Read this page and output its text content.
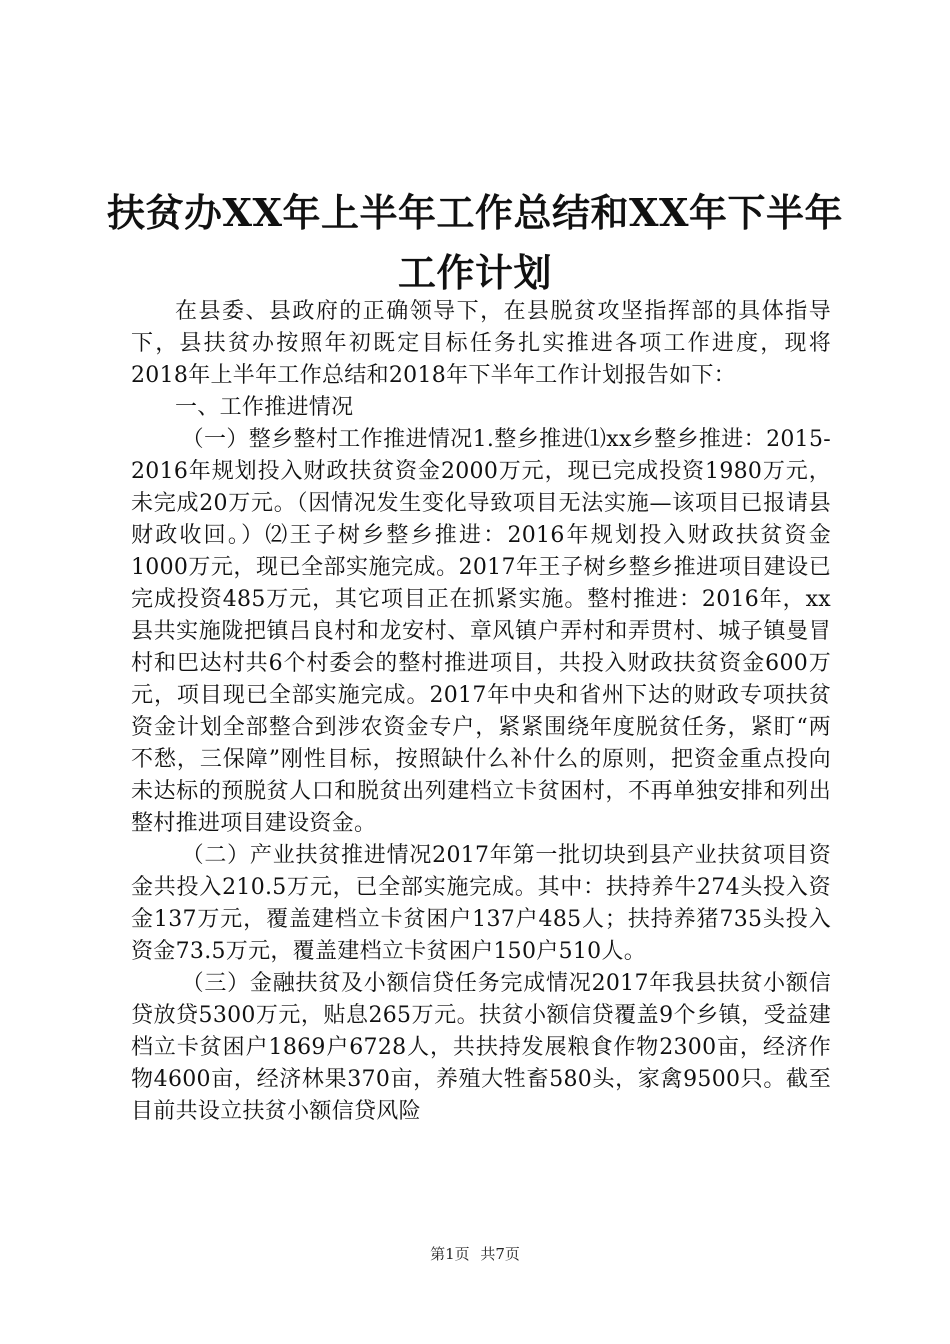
扶贫办XX年上半年工作总结和XX年下半年工作计划

在县委、县政府的正确领导下，在县脱贫攻坚指挥部的具体指导下，县扶贫办按照年初既定目标任务扎实推进各项工作进度，现将2018年上半年工作总结和2018年下半年工作计划报告如下：

一、工作推进情况

（一）整乡整村工作推进情况1.整乡推进⑴xx乡整乡推进：2015-2016年规划投入财政扶贫资金2000万元，现已完成投资1980万元，未完成20万元。（因情况发生变化导致项目无法实施—该项目已报请县财政收回。）⑵王子树乡整乡推进：2016年规划投入财政扶贫资金1000万元，现已全部实施完成。2017年王子树乡整乡推进项目建设已完成投资485万元，其它项目正在抓紧实施。整村推进：2016年，xx县共实施陇把镇吕良村和龙安村、章风镇户弄村和弄贯村、城子镇曼冒村和巴达村共6个村委会的整村推进项目，共投入财政扶贫资金600万元，项目现已全部实施完成。2017年中央和省州下达的财政专项扶贫资金计划全部整合到涉农资金专户，紧紧围绕年度脱贫任务，紧盯“两不愁，三保障”刚性目标，按照缺什么补什么的原则，把资金重点投向未达标的预脱贫人口和脱贫出列建档立卡贫困村，不再单独安排和列出整村推进项目建设资金。

（二）产业扶贫推进情况2017年第一批切块到县产业扶贫项目资金共投入210.5万元，已全部实施完成。其中：扶持养牛274头投入资金137万元，覆盖建档立卡贫困户137户485人；扶持养猪735头投入资金73.5万元，覆盖建档立卡贫困户150户510人。

（三）金融扶贫及小额信贷任务完成情况2017年我县扶贫小额信贷放贷5300万元，贴息265万元。扶贫小额信贷覆盖9个乡镇，受益建档立卡贫困户1869户6728人，共扶持发展粮食作物2300亩，经济作物4600亩，经济林果370亩，养殖大牲畜580头，家禽9500只。截至目前共设立扶贫小额信贷风险

第1页 共7页
